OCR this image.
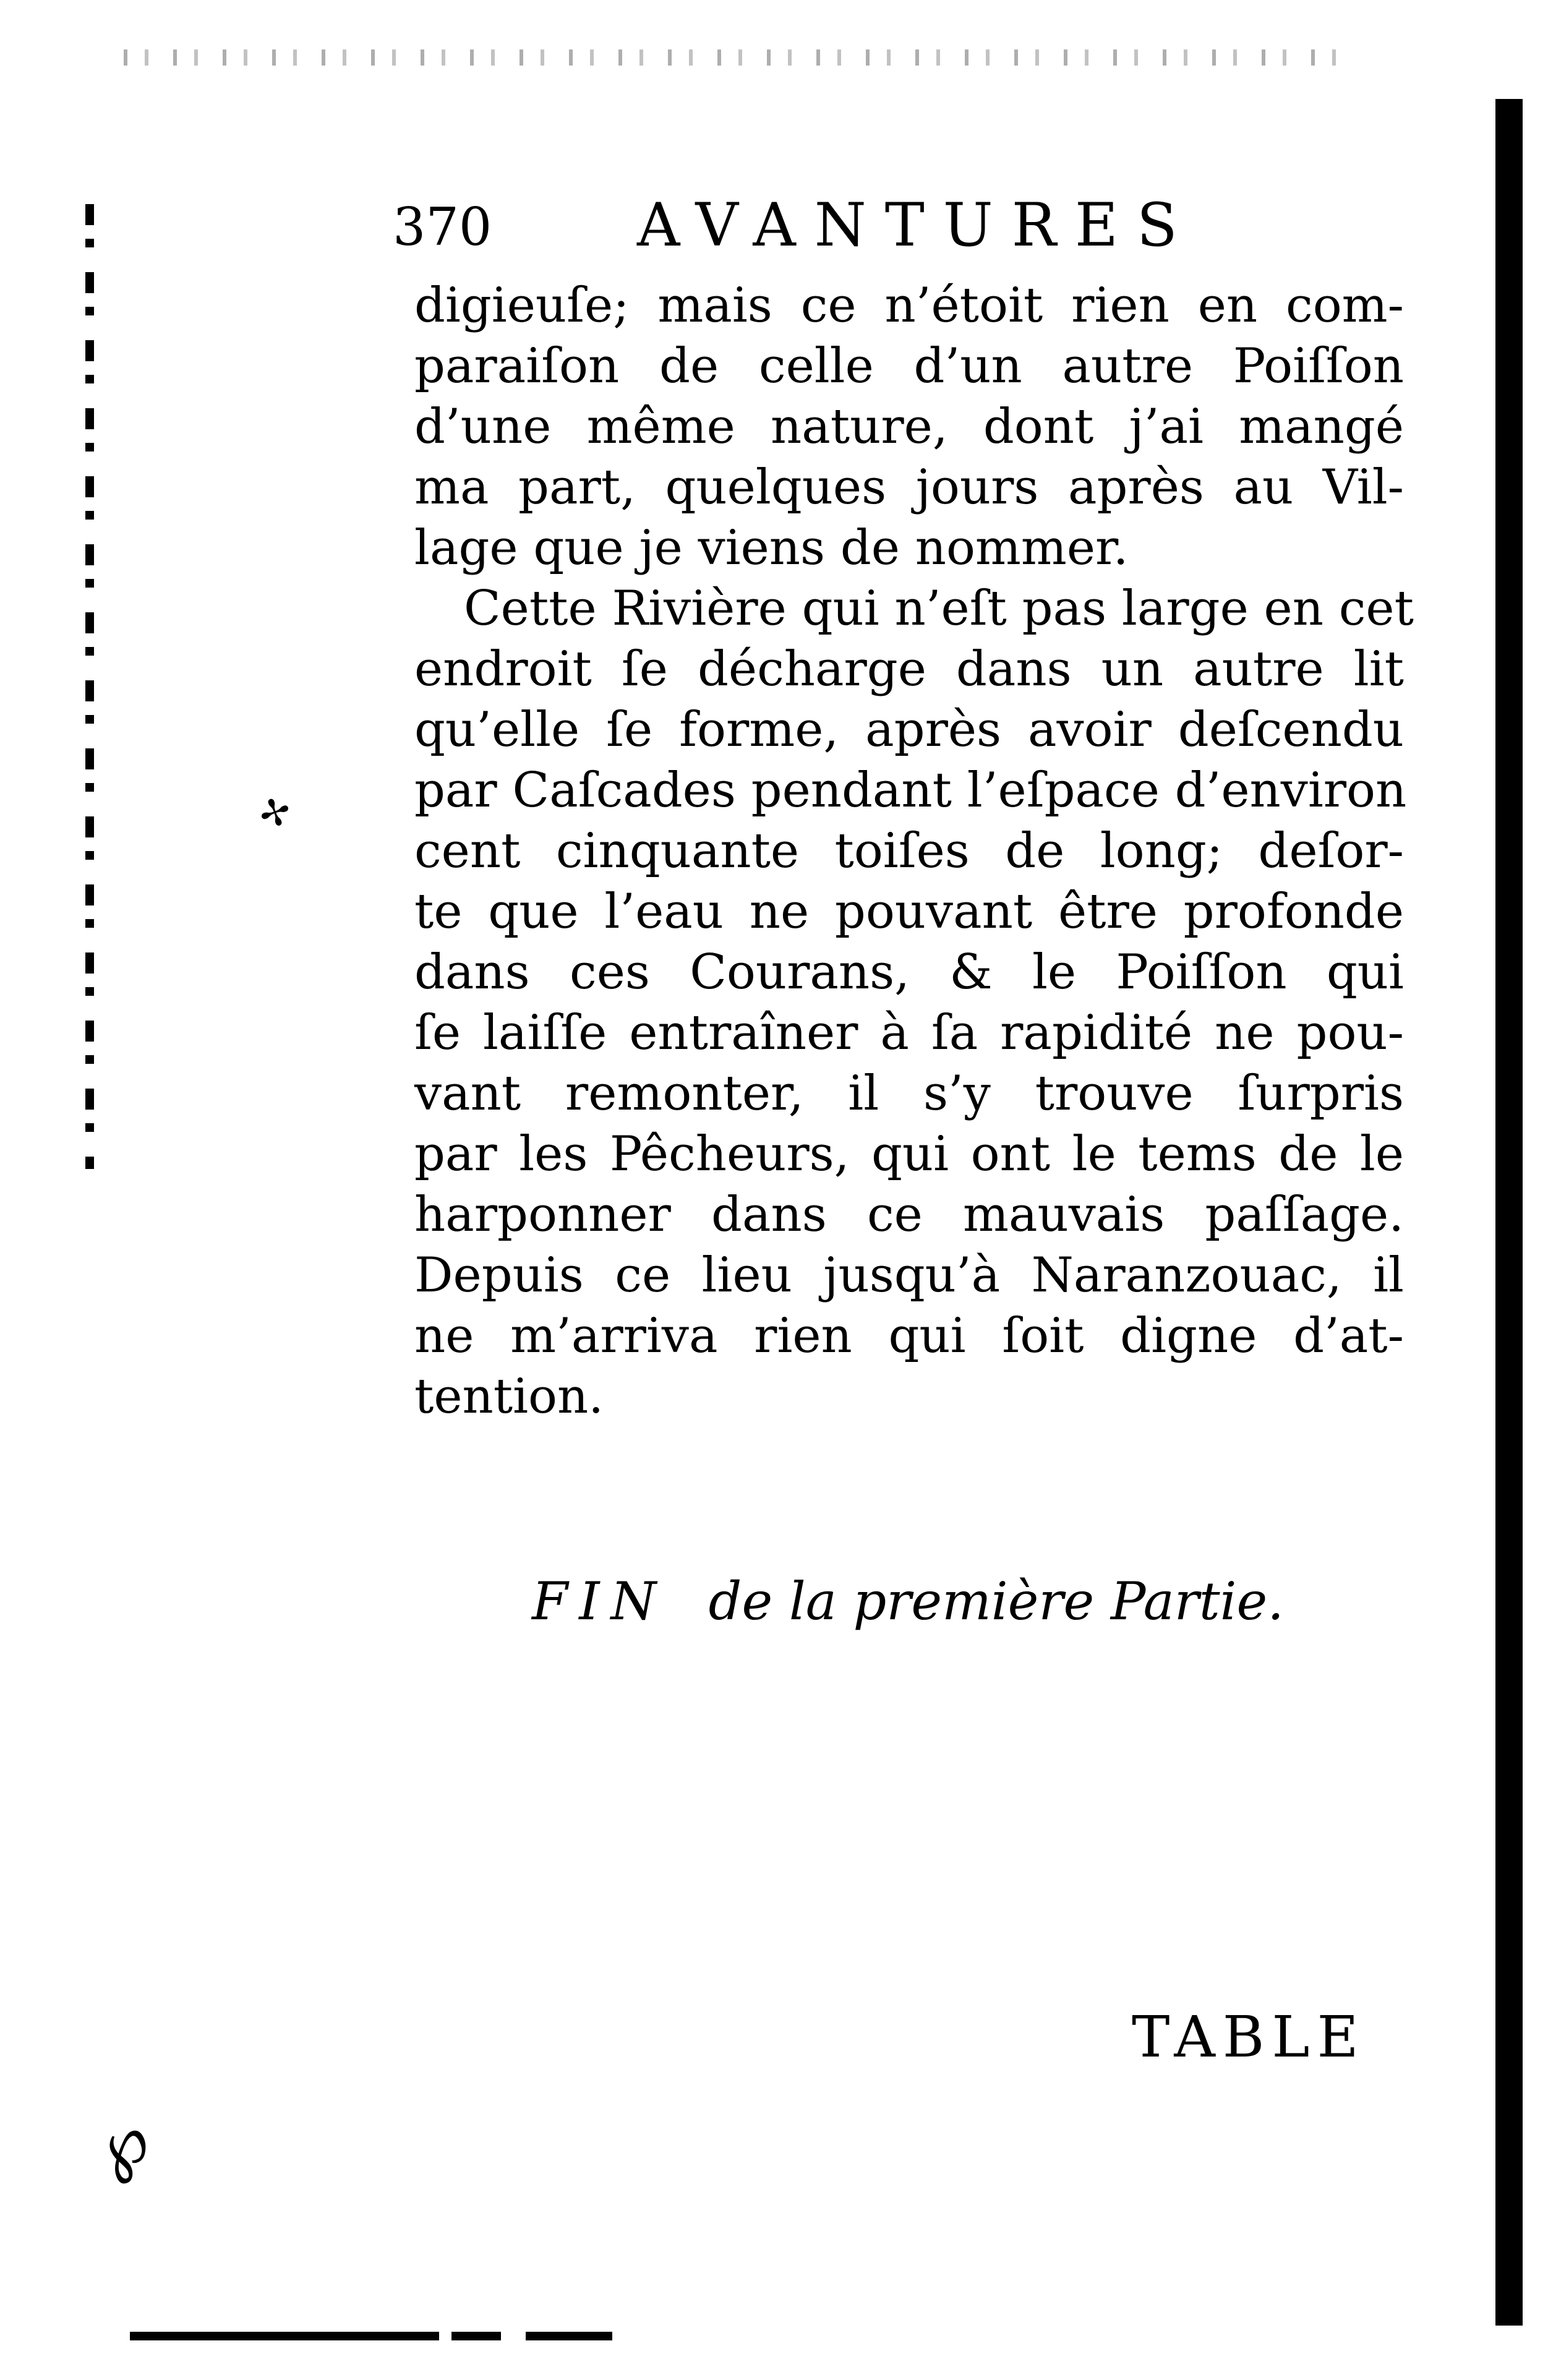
✢
℘
370 AVANTURES
digieuſe; mais ce n’étoit rien en com-
paraiſon de celle d’un autre Poiſſon
d’une même nature, dont j’ai mangé
ma part, quelques jours après au Vil-
lage que je viens de nommer.
Cette Rivière qui n’eſt pas large en cet
endroit ſe décharge dans un autre lit
qu’elle ſe forme, après avoir deſcendu
par Caſcades pendant l’eſpace d’environ
cent cinquante toiſes de long; deſor-
te que l’eau ne pouvant être profonde
dans ces Courans, & le Poiſſon qui
ſe laiſſe entraîner à ſa rapidité ne pou-
vant remonter, il s’y trouve ſurpris
par les Pêcheurs, qui ont le tems de le
harponner dans ce mauvais paſſage.
Depuis ce lieu jusqu’à Naranzouac, il
ne m’arriva rien qui ſoit digne d’at-
tention.
FIN de la première Partie.
TABLE
